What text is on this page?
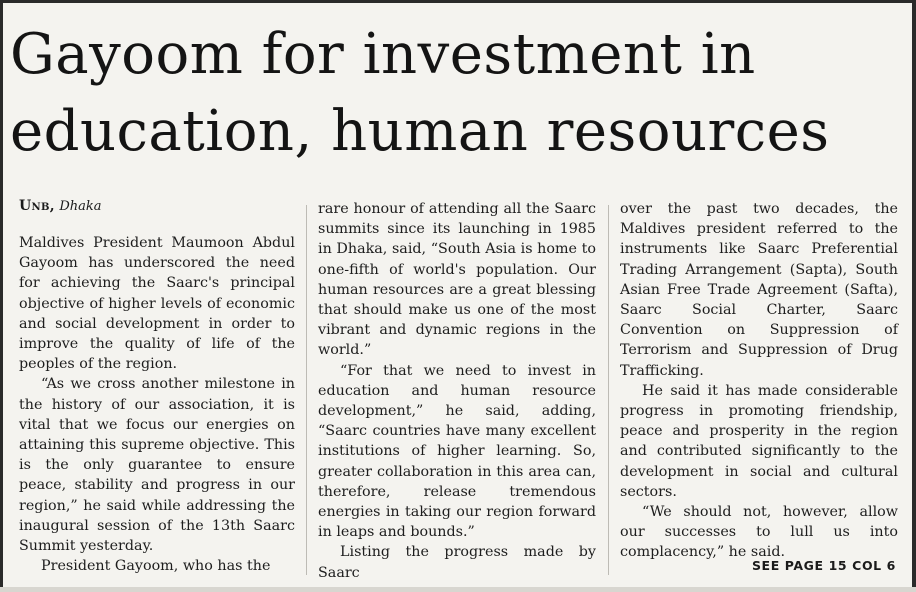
Gayoom for investment in
education, human resources
Unb, Dhaka

Maldives President Maumoon Abdul Gayoom has underscored the need for achieving the Saarc's principal objective of higher levels of economic and social development in order to improve the quality of life of the peoples of the region.

“As we cross another milestone in the history of our association, it is vital that we focus our energies on attaining this supreme objective. This is the only guarantee to ensure peace, stability and progress in our region,” he said while addressing the inaugural session of the 13th Saarc Summit yesterday.

President Gayoom, who has the

rare honour of attending all the Saarc summits since its launching in 1985 in Dhaka, said, “South Asia is home to one-fifth of world's population. Our human resources are a great blessing that should make us one of the most vibrant and dynamic regions in the world.”

“For that we need to invest in education and human resource development,” he said, adding, “Saarc countries have many excellent institutions of higher learning. So, greater collaboration in this area can, therefore, release tremendous energies in taking our region forward in leaps and bounds.”

Listing the progress made by Saarc

over the past two decades, the Maldives president referred to the instruments like Saarc Preferential Trading Arrangement (Sapta), South Asian Free Trade Agreement (Safta), Saarc Social Charter, Saarc Convention on Suppression of Terrorism and Suppression of Drug Trafficking.

He said it has made considerable progress in promoting friendship, peace and prosperity in the region and contributed significantly to the development in social and cultural sectors.

“We should not, however, allow our successes to lull us into complacency,” he said.

SEE PAGE 15 COL 6
